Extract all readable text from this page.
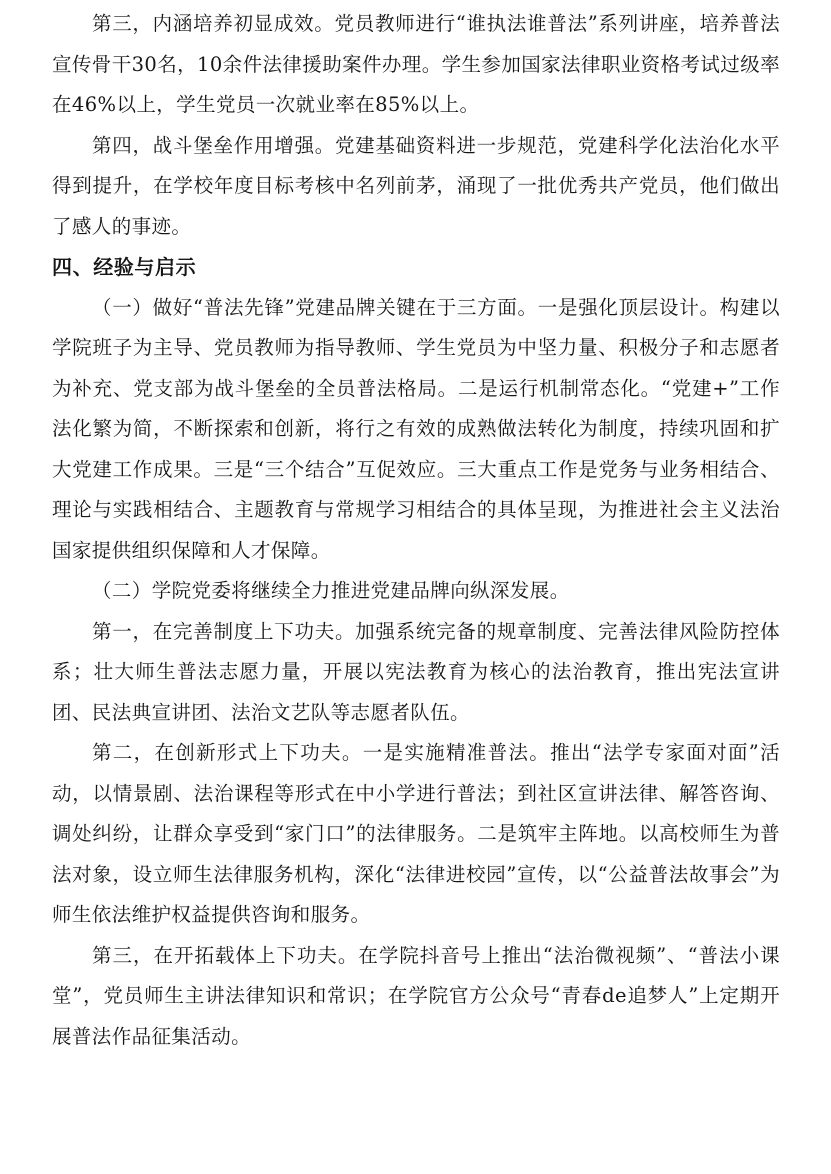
第三，内涵培养初显成效。党员教师进行“谁执法谁普法”系列讲座，培养普法宣传骨干30名，10余件法律援助案件办理。学生参加国家法律职业资格考试过级率在46%以上，学生党员一次就业率在85%以上。

第四，战斗堡垒作用增强。党建基础资料进一步规范，党建科学化法治化水平得到提升，在学校年度目标考核中名列前茅，涌现了一批优秀共产党员，他们做出了感人的事迹。

四、经验与启示

（一）做好“普法先锋”党建品牌关键在于三方面。一是强化顶层设计。构建以学院班子为主导、党员教师为指导教师、学生党员为中坚力量、积极分子和志愿者为补充、党支部为战斗堡垒的全员普法格局。二是运行机制常态化。“党建+”工作法化繁为简，不断探索和创新，将行之有效的成熟做法转化为制度，持续巩固和扩大党建工作成果。三是“三个结合”互促效应。三大重点工作是党务与业务相结合、理论与实践相结合、主题教育与常规学习相结合的具体呈现，为推进社会主义法治国家提供组织保障和人才保障。

（二）学院党委将继续全力推进党建品牌向纵深发展。

第一，在完善制度上下功夫。加强系统完备的规章制度、完善法律风险防控体系；壮大师生普法志愿力量，开展以宪法教育为核心的法治教育，推出宪法宣讲团、民法典宣讲团、法治文艺队等志愿者队伍。

第二，在创新形式上下功夫。一是实施精准普法。推出“法学专家面对面”活动，以情景剧、法治课程等形式在中小学进行普法；到社区宣讲法律、解答咨询、调处纠纷，让群众享受到“家门口”的法律服务。二是筑牢主阵地。以高校师生为普法对象，设立师生法律服务机构，深化“法律进校园”宣传，以“公益普法故事会”为师生依法维护权益提供咨询和服务。

第三，在开拓载体上下功夫。在学院抖音号上推出“法治微视频”、“普法小课堂”，党员师生主讲法律知识和常识；在学院官方公众号“青春de追梦人”上定期开展普法作品征集活动。
